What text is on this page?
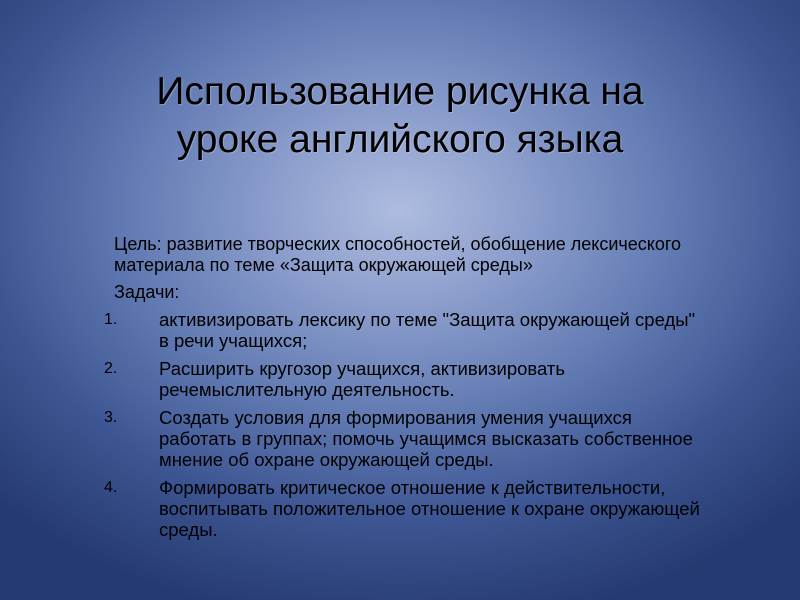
Использование рисунка на
уроке английского языка

Цель: развитие творческих способностей, обобщение лексического материала по теме «Защита окружающей среды»

Задачи:

1.	активизировать лексику по теме "Защита окружающей среды" в речи учащихся;
2.	Расширить кругозор учащихся, активизировать речемыслительную деятельность.
3.	Создать условия для формирования умения учащихся работать в группах; помочь учащимся высказать собственное мнение об охране окружающей среды.
4.	Формировать критическое отношение к действительности, воспитывать положительное отношение к охране окружающей среды.
